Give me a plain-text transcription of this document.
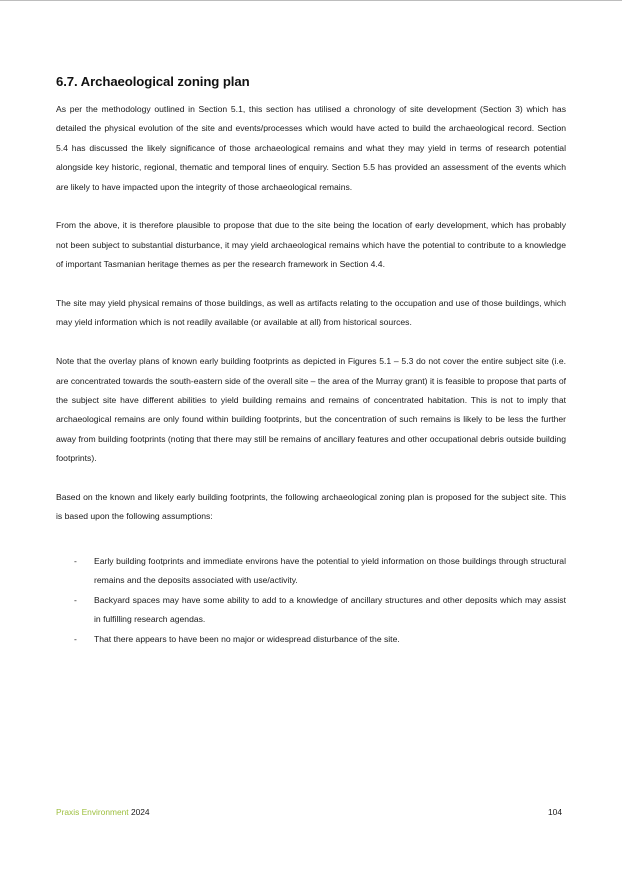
6.7. Archaeological zoning plan

As per the methodology outlined in Section 5.1, this section has utilised a chronology of site development (Section 3) which has detailed the physical evolution of the site and events/processes which would have acted to build the archaeological record. Section 5.4 has discussed the likely significance of those archaeological remains and what they may yield in terms of research potential alongside key historic, regional, thematic and temporal lines of enquiry. Section 5.5 has provided an assessment of the events which are likely to have impacted upon the integrity of those archaeological remains.

From the above, it is therefore plausible to propose that due to the site being the location of early development, which has probably not been subject to substantial disturbance, it may yield archaeological remains which have the potential to contribute to a knowledge of important Tasmanian heritage themes as per the research framework in Section 4.4.

The site may yield physical remains of those buildings, as well as artifacts relating to the occupation and use of those buildings, which may yield information which is not readily available (or available at all) from historical sources.

Note that the overlay plans of known early building footprints as depicted in Figures 5.1 – 5.3 do not cover the entire subject site (i.e. are concentrated towards the south-eastern side of the overall site – the area of the Murray grant) it is feasible to propose that parts of the subject site have different abilities to yield building remains and remains of concentrated habitation. This is not to imply that archaeological remains are only found within building footprints, but the concentration of such remains is likely to be less the further away from building footprints (noting that there may still be remains of ancillary features and other occupational debris outside building footprints).

Based on the known and likely early building footprints, the following archaeological zoning plan is proposed for the subject site. This is based upon the following assumptions:

- Early building footprints and immediate environs have the potential to yield information on those buildings through structural remains and the deposits associated with use/activity.
- Backyard spaces may have some ability to add to a knowledge of ancillary structures and other deposits which may assist in fulfilling research agendas.
- That there appears to have been no major or widespread disturbance of the site.
Praxis Environment 2024	104
